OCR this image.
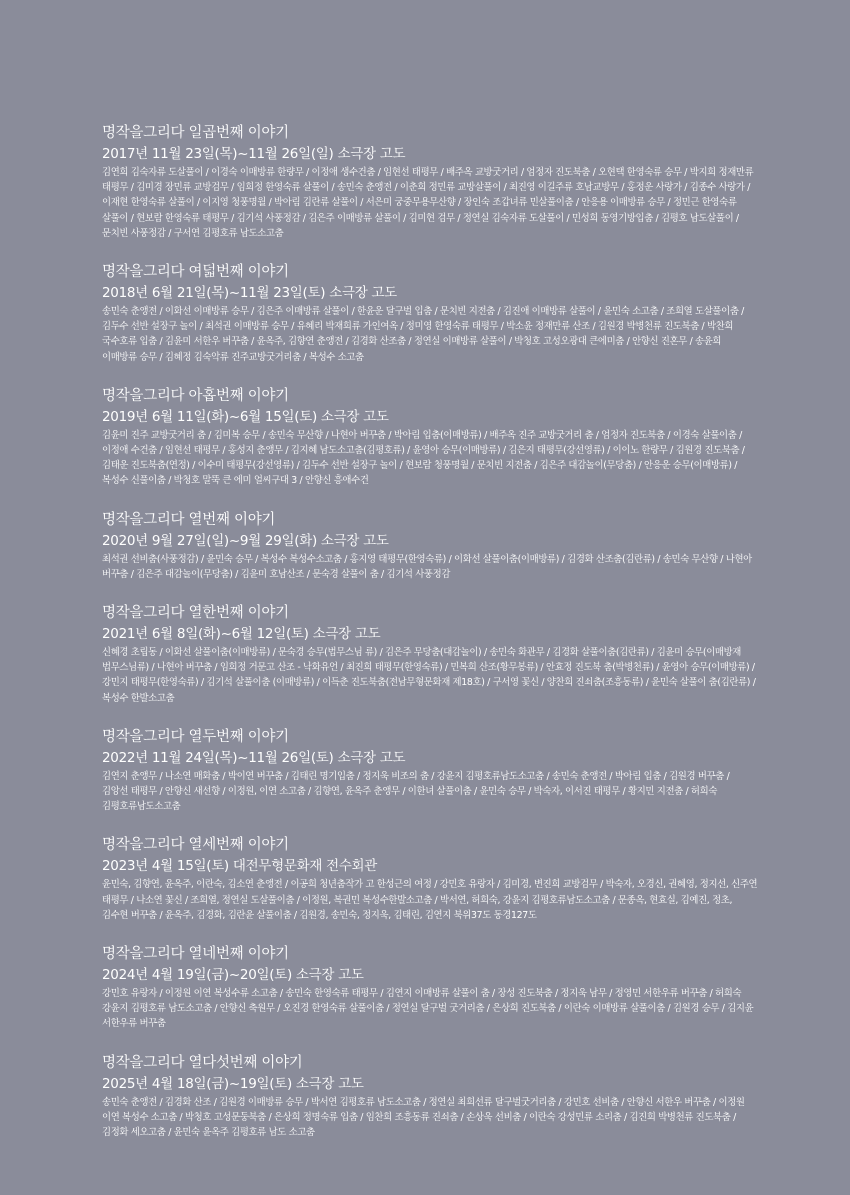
명작을그리다 일곱번째 이야기

2017년 11월 23일(목)~11월 26일(일) 소극장 고도

김연희 김숙자류 도살풀이 / 이경숙 이매방류 한량무 / 이정애 생수건춤 / 임현선 태평무 / 배주옥 교방굿거리 / 엄정자 진도북춤 / 오현택 한영숙류 승무 / 박지희 정재만류 태평무 / 김미경 장민류 교방검무 / 임희정 한영숙류 살풀이 / 송민숙 춘앵전 / 이춘희 정민류 교방살풀이 / 최진영 이길주류 호남교방무 / 홍정운 사랑가 / 김종수 사랑가 / 이재현 한영숙류 살풀이 / 이지영 청풍명월 / 박아림 김란류 살풀이 / 서은미 궁중무용무산향 / 장인숙 조갑녀류 민살풀이춤 / 안응용 이매방류 승무 / 정민근 한영숙류 살풀이 / 현보람 한영숙류 태평무 / 김기석 사풍정감 / 김은주 이매방류 살풀이 / 김미현 검무 / 정연실 김숙자류 도살풀이 / 민성희 동영기방입춤 / 김평호 남도살풀이 / 문치빈 사풍정감 / 구서연 김평호류 남도소고춤

명작을그리다 여덟번째 이야기

2018년 6월 21일(목)~11월 23일(토) 소극장 고도

송민숙 춘앵전 / 이화선 이매방류 승무 / 김은주 이매방류 살풀이 / 한윤운 달구벌 입춤 / 문치빈 지전춤 / 김진애 이매방류 살풀이 / 윤민숙 소고춤 / 조희열 도살풀이춤 / 김두수 선반 설장구 놀이 / 최석권 이매방류 승무 / 유혜리 박재희류 가인여옥 / 정미영 한영숙류 태평무 / 박소윤 정재만류 산조 / 김원경 박병천류 진도북춤 / 박찬희 국수호류 입춤 / 김윤미 서한우 버꾸춤 / 윤옥주, 김향연 춘앵전 / 김경화 산조춤 / 정연실 이매방류 살풀이 / 박청호 고성오광대 큰에미춤 / 안향신 진혼무 / 송윤희 이매방류 승무 / 김혜정 김숙악류 진주교방굿거리춤 / 복성수 소고춤

명작을그리다 아홉번째 이야기

2019년 6월 11일(화)~6월 15일(토) 소극장 고도

김윤미 진주 교방굿거리 춤 / 김미복 승무 / 송민숙 무산향 / 나현아 버꾸춤 / 박아림 입춤(이매방류) / 배주옥 진주 교방굿거리 춤 / 엄정자 진도북춤 / 이경숙 살풀이춤 / 이정애 수건춤 / 임현선 태평무 / 홍성지 춘앵무 / 김지혜 남도소고춤(김평호류) / 윤영아 승무(이매방류) / 김은지 태평무(강선영류) / 이이노 한량무 / 김원경 진도북춤 / 김태운 진도북춤(연정) / 이수미 태평무(강선영류) / 김두수 선반 설장구 놀이 / 현보람 청풍명월 / 문치빈 지전춤 / 김은주 대감놀이(무당춤) / 안응운 승무(이매방류) / 복성수 신풀이춤 / 박청호 말뚝 큰 에미 얼씨구대 3 / 안향신 흥애수건

명작을그리다 열번째 이야기

2020년 9월 27일(일)~9월 29일(화) 소극장 고도

최석권 선비춤(사풍정감) / 윤민숙 승무 / 복성수 복성수소고춤 / 홍지영 태평무(한영숙류) / 이화선 살풀이춤(이매방류) / 김경화 산조춤(김란류) / 송민숙 무산향 / 나현아 버꾸춤 / 김은주 대감놀이(무당춤) / 김윤미 호남산조 / 문숙경 살풀이 춤 / 김기석 사풍정감

명작을그리다 열한번째 이야기

2021년 6월 8일(화)~6월 12일(토) 소극장 고도

신혜경 초립동 / 이화선 살풀이춤(이매방류) / 문숙경 승무(법무스님 류) / 김은주 무당춤(대감놀이) / 송민숙 화관무 / 김경화 살풀이춤(김란류) / 김윤미 승무(이매방재 법무스님류) / 나현아 버꾸춤 / 임희정 거문고 산조 - 낙화유언 / 최진희 태평무(한영숙류) / 민복희 산조(황무봉류) / 안효정 진도북 춤(박병천류) / 윤영아 승무(이매방류) / 강민지 태평무(한영숙류) / 김기석 살풀이춤 (이매방류) / 이득춘 진도북춤(전남무형문화재 제18호) / 구서영 꽃신 / 양찬희 진쇠춤(조흥동류) / 윤민숙 살풀이 춤(김란류) / 복성수 한발소고춤

명작을그리다 열두번째 이야기

2022년 11월 24일(목)~11월 26일(토) 소극장 고도

김연지 춘앵무 / 나소연 매화춤 / 박이연 버꾸춤 / 김태린 명기입춤 / 정지욱 비조의 춤 / 강윤지 김평호류남도소고춤 / 송민숙 춘앵전 / 박아림 입춤 / 김원경 버꾸춤 / 김앙선 태평무 / 안향신 새선향 / 이정원, 이연 소고춤 / 김향연, 윤옥주 춘앵무 / 이한녀 살풀이춤 / 윤민숙 승무 / 박숙자, 이서진 태평무 / 황지민 지전춤 / 허희숙 김평호류남도소고춤

명작을그리다 열세번째 이야기

2023년 4월 15일(토) 대전무형문화재 전수회관

윤민숙, 김향연, 윤옥주, 이란숙, 김소연 춘앵전 / 이공희 청년춤작가 고 한성근의 여정 / 강민호 유랑자 / 김미경, 변진희 교방검무 / 박숙자, 오경신, 권혜영, 정지선, 신주연 태평무 / 나소연 꽃신 / 조희열, 정연실 도살풀이춤 / 이정원, 복권민 복성수한발소고춤 / 박서연, 허희숙, 강윤지 김평호류남도소고춤 / 문종옥, 현효실, 김예진, 정초, 김수현 버꾸춤 / 윤옥주, 김경화, 김란윤 살풀이춤 / 김원경, 송민숙, 정지욱, 김태린, 김연지 북위37도 동경127도

명작을그리다 열네번째 이야기

2024년 4월 19일(금)~20일(토) 소극장 고도

강민호 유랑자 / 이정원 이연 복성수류 소고춤 / 송민숙 한영숙류 태평무 / 김연지 이매방류 살풀이 춤 / 장성 진도북춤 / 정지욱 남무 / 정영민 서한우류 버꾸춤 / 허희숙 강윤지 김평호류 남도소고춤 / 안향신 축원무 / 오진경 한영숙류 살풀이춤 / 정연실 달구벌 굿거리춤 / 은상희 진도북춤 / 이란숙 이매방류 살풀이춤 / 김원경 승무 / 김지윤 서한우류 버꾸춤

명작을그리다 열다섯번째 이야기

2025년 4월 18일(금)~19일(토) 소극장 고도

송민숙 춘앵전 / 김경화 산조 / 김원경 이매방류 승무 / 박서연 김평호류 남도소고춤 / 정연실 최희선류 달구벌굿거리춤 / 강민호 선비춤 / 안향신 서한우 버꾸춤 / 이정원 이연 복성수 소고춤 / 박청호 고성문둥북춤 / 은상희 정명숙류 입춤 / 임찬희 조흥동류 진쇠춤 / 손상욱 선비춤 / 이란숙 강성민류 소리춤 / 김진희 박병천류 진도북춤 / 김정화 세오고춤 / 윤민숙 윤옥주 김평호류 남도 소고춤
